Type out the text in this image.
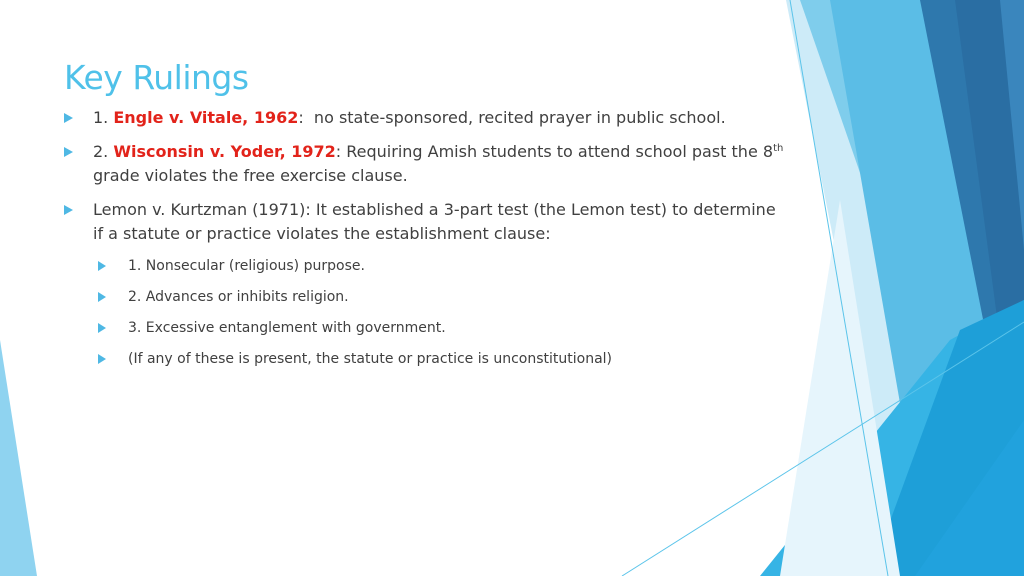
Key Rulings
1. Engle v. Vitale, 1962: no state-sponsored, recited prayer in public school.
2. Wisconsin v. Yoder, 1972: Requiring Amish students to attend school past the 8th grade violates the free exercise clause.
Lemon v. Kurtzman (1971): It established a 3-part test (the Lemon test) to determine if a statute or practice violates the establishment clause:
1. Nonsecular (religious) purpose.
2. Advances or inhibits religion.
3. Excessive entanglement with government.
(If any of these is present, the statute or practice is unconstitutional)
